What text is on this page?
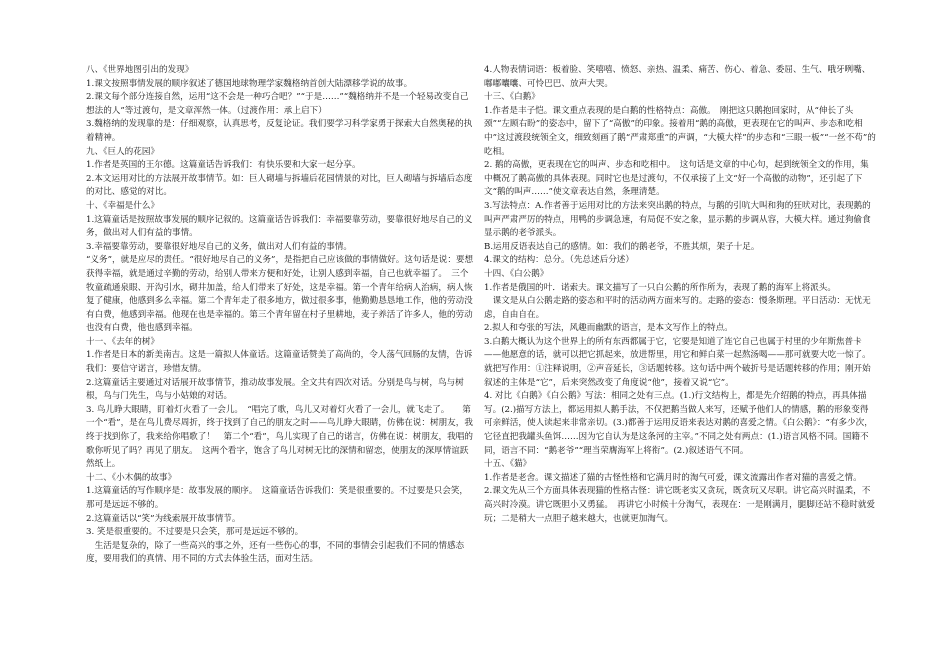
八、《世界地图引出的发现》

1.课文按照事情发展的顺序叙述了德国地球物理学家魏格纳首创大陆漂移学说的故事。

2.课文每个部分连接自然，运用“这不会是一种巧合吧？”“于是……”“魏格纳并不是一个轻易改变自己想法的人”等过渡句，是文章浑然一体。（过渡作用：承上启下）

3.魏格纳的发现靠的是：仔细观察，认真思考，反复论证。我们要学习科学家勇于探索大自然奥秘的执着精神。

九、《巨人的花园》

1.作者是英国的王尔德。这篇童话告诉我们：有快乐要和大家一起分享。

2.本文运用对比的方法展开故事情节。如：巨人砌墙与拆墙后花园情景的对比，巨人砌墙与拆墙后态度的对比、感觉的对比。

十、《幸福是什么》

1.这篇童话是按照故事发展的顺序记叙的。这篇童话告诉我们：幸福要靠劳动，要靠很好地尽自己的义务，做出对人们有益的事情。

3.幸福要靠劳动，要靠很好地尽自己的义务，做出对人们有益的事情。

“义务”，就是应尽的责任。“很好地尽自己的义务”，是指把自己应该做的事情做好。这句话是说：要想获得幸福，就是通过辛勤的劳动，给别人带来方便和好处，让别人感到幸福，自己也就幸福了。　三个牧童疏通泉眼、开沟引水，砌井加盖，给人们带来了好处，这是幸福。第一个青年给病人治病，病人恢复了健康，他感到多么幸福。第二个青年走了很多地方，做过很多事，他勤勤恳恳地工作，他的劳动没有白费，他感到幸福。他现在也是幸福的。第三个青年留在村子里耕地，麦子养活了许多人，他的劳动也没有白费，他也感到幸福。

十一、《去年的树》

1.作者是日本的新美南吉。这是一篇拟人体童话。这篇童话赞美了高尚的，令人荡气回肠的友情，告诉我们：要信守诺言，珍惜友情。

2.这篇童话主要通过对话展开故事情节，推动故事发展。全文共有四次对话。分别是鸟与树，鸟与树根，鸟与门先生，鸟与小姑娘的对话。

3. 鸟儿睁大眼睛，盯着灯火看了一会儿。　“唱完了歌，鸟儿又对着灯火看了一会儿，就飞走了。　　第一个“看”，是在鸟儿费尽周折，终于找到了自己的朋友之时——鸟儿睁大眼睛，仿佛在说：树朋友，我终于找到你了，我来给你唱歌了！　第二个“看”，鸟儿实现了自己的诺言，仿佛在说：树朋友，我唱的歌你听见了吗？再见了朋友。　这两个看字，饱含了鸟儿对树无比的深情和留恋，使朋友的深厚情谊跃然纸上。

十二、《小木偶的故事》

1.这篇童话的写作顺序是：故事发展的顺序。　这篇童话告诉我们：笑是很重要的。不过要是只会笑，那可是远远不够的。

2.这篇童话以“笑”为线索展开故事情节。

3. 笑是很重要的。不过要是只会笑，那可是远远不够的。

　生活是复杂的，除了一些高兴的事之外，还有一些伤心的事，不同的事情会引起我们不同的情感态度，要用我们的真情、用不同的方式去体验生活，面对生活。

4.人物表情词语：板着脸、笑嘻嘻、愤怒、亲热、温柔、痛苦、伤心、着急、委屈、生气、哦牙咧嘴、嘟嘟囔囔、可怜巴巴、放声大哭。

十三、《白鹅》

1.作者是丰子恺。课文重点表现的是白鹅的性格特点：高傲。　刚把这只鹅抱回家时，从“伸长了头颈”“左顾右盼”的姿态中，留下了“高傲”的印象。接着用“鹅的高傲，更表现在它的叫声、步态和吃相中”这过渡段统领全文，细致刻画了鹅“严肃郑重”的声调，“大模大样”的步态和“三眼一板”“一丝不苟”的吃相。

2. 鹅的高傲，更表现在它的叫声、步态和吃相中。　这句话是文章的中心句，起到统领全文的作用，集中概况了鹅高傲的具体表现。同时它也是过渡句，不仅承接了上文“好一个高傲的动物”，还引起了下文“鹅的叫声……”使文章表达自然，条理清楚。

3.写法特点：A.作者善于运用对比的方法来突出鹅的特点，与鹅的引吭大叫和狗的狂吠对比，表现鹅的叫声严肃严厉的特点，用鸭的步调急速，有局促不安之象，显示鹅的步调从容，大模大样。通过狗偷食显示鹅的老爷派头。

B.运用反语表达自己的感情。如：我们的鹅老爷，不胜其烦，架子十足。

4.课文的结构：总分。（先总述后分述）

十四、《白公鹅》

1.作者是俄国的叶．诺索夫。课文描写了一只白公鹅的所作所为，表现了鹅的海军上将派头。

　课文是从白公鹅走路的姿态和平时的活动两方面来写的。走路的姿态：慢条斯理。平日活动：无忧无虑，自由自在。

2.拟人和夸张的写法，风趣而幽默的语言，是本文写作上的特点。

3.白鹅大概认为这个世界上的所有东西都属于它，它要是知道了连它自己也属于村里的少年斯焦普卡——他愿意的话，就可以把它抓起来，放进帮里，用它和鲜白菜一起熬汤喝——那可就要大吃一惊了。　就把写作用：①注释说明，②声音延长，③话题转移。这句话中两个破折号是话题转移的作用；刚开始叙述的主体是“它”，后来突然改变了角度说“他”，接着又说“它”。

4. 对比《白鹅》《白公鹅》写法：相同之处有三点。(1.)行文结构上，都是先介绍鹅的特点，再具体描写。(2.)描写方法上，都运用拟人鹅手法，不仅把鹅当做人来写，还赋予他们人的情感，鹅的形象变得可亲鲜活，使人读起来非常亲切。(3.)都善于运用反语来表达对鹅的喜爱之情。《白公鹅》：“有多少次，它径直把我罐头鱼饵……因为它自认为是这条河的主宰。”不同之处有两点：(1.)语言风格不同。国籍不同，语言不同：“鹅老爷”“理当荣膺海军上将衔”。(2.)叙述语气不同。

十五、《猫》

1.作者是老舍。课文描述了猫的古怪性格和它满月时的淘气可爱，课文流露出作者对猫的喜爱之情。

2.课文先从三个方面具体表现猫的性格古怪：讲它既老实又贪玩，既贪玩又尽职。讲它高兴时温柔，不高兴时冷漠。讲它既胆小又勇猛。　再讲它小时候十分淘气，表现在：一是刚满月，腿脚还站不稳时就爱玩；二是稍大一点胆子越来越大，也就更加淘气。
